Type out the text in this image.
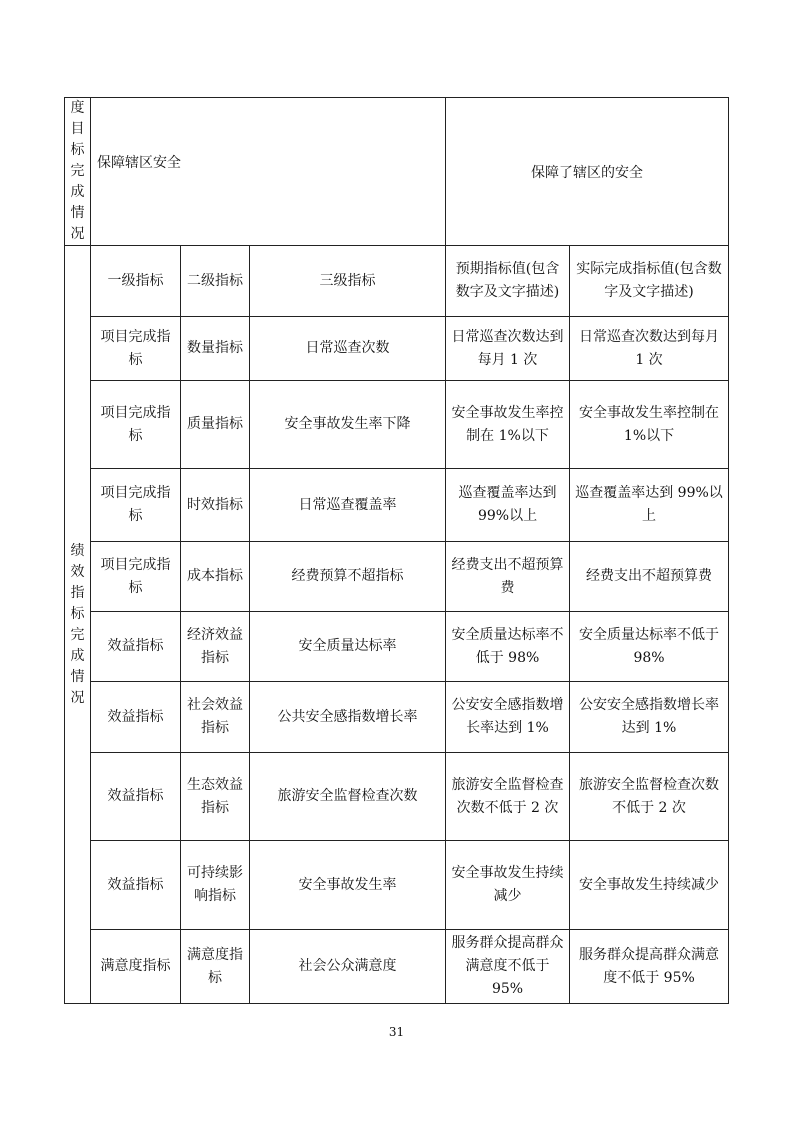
度目标完成情况	保障辖区安全			保障了辖区的安全	

绩效指标完成情况	一级指标	二级指标	三级指标	预期指标值(包含数字及文字描述)	实际完成指标值(包含数字及文字描述)
	项目完成指标	数量指标	日常巡查次数	日常巡查次数达到每月 1 次	日常巡查次数达到每月 1 次
	项目完成指标	质量指标	安全事故发生率下降	安全事故发生率控制在 1%以下	安全事故发生率控制在 1%以下
	项目完成指标	时效指标	日常巡查覆盖率	巡查覆盖率达到 99%以上	巡查覆盖率达到 99%以上
	项目完成指标	成本指标	经费预算不超指标	经费支出不超预算费	经费支出不超预算费
	效益指标	经济效益指标	安全质量达标率	安全质量达标率不低于 98%	安全质量达标率不低于 98%
	效益指标	社会效益指标	公共安全感指数增长率	公安安全感指数增长率达到 1%	公安安全感指数增长率达到 1%
	效益指标	生态效益指标	旅游安全监督检查次数	旅游安全监督检查次数不低于 2 次	旅游安全监督检查次数不低于 2 次
	效益指标	可持续影响指标	安全事故发生率	安全事故发生持续减少	安全事故发生持续减少
	满意度指标	满意度指标	社会公众满意度	服务群众提高群众满意度不低于 95%	服务群众提高群众满意度不低于 95%
31
